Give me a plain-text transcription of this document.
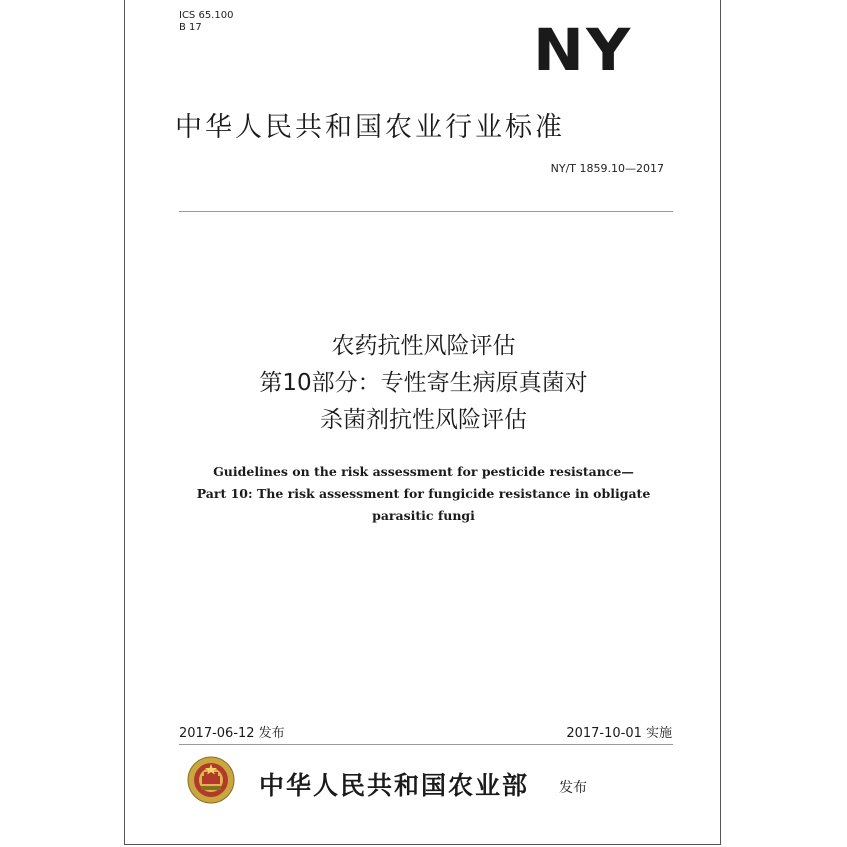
ICS 65.100
B 17	NY
中华人民共和国农业行业标准
NY/T 1859.10—2017
农药抗性风险评估
第10部分：专性寄生病原真菌对
杀菌剂抗性风险评估
Guidelines on the risk assessment for pesticide resistance—
Part 10: The risk assessment for fungicide resistance in obligate
parasitic fungi
2017-06-12 发布	2017-10-01 实施
中华人民共和国农业部 发布
